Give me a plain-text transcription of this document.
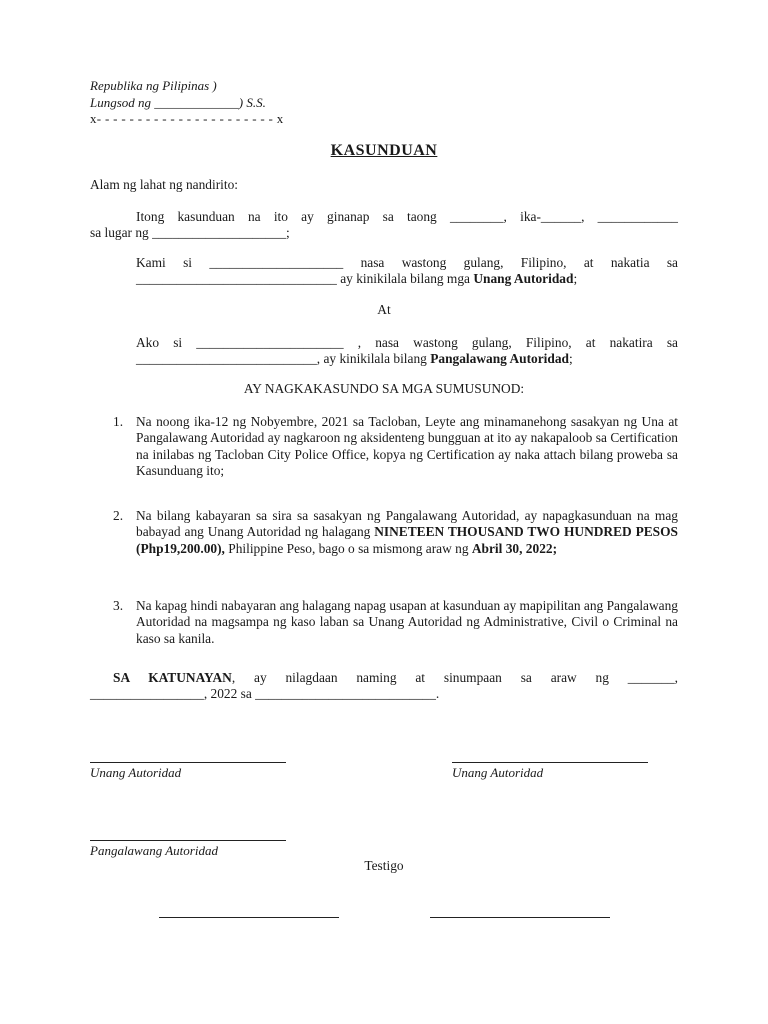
Republika ng Pilipinas )
Lungsod ng _____________) S.S.
x- - - - - - - - - - - - - - - - - - - - - - x
KASUNDUAN
Alam ng lahat ng nandirito:
Itong kasunduan na ito ay ginanap sa taong ________, ika-______, ____________
sa lugar ng ____________________;
Kami si ____________________ nasa wastong gulang, Filipino, at nakatia sa
______________________________ ay kinikilala bilang mga Unang Autoridad;
At
Ako si ______________________ , nasa wastong gulang, Filipino, at nakatira sa
___________________________, ay kinikilala bilang Pangalawang Autoridad;
AY NAGKAKASUNDO SA MGA SUMUSUNOD:
1. Na noong ika-12 ng Nobyembre, 2021 sa Tacloban, Leyte ang minamanehong sasakyan ng Una at Pangalawang Autoridad ay nagkaroon ng aksidenteng bungguan at ito ay nakapaloob sa Certification na inilabas ng Tacloban City Police Office, kopya ng Certification ay naka attach bilang proweba sa Kasunduang ito;
2. Na bilang kabayaran sa sira sa sasakyan ng Pangalawang Autoridad, ay napagkasunduan na mag babayad ang Unang Autoridad ng halagang NINETEEN THOUSAND TWO HUNDRED PESOS (Php19,200.00), Philippine Peso, bago o sa mismong araw ng Abril 30, 2022;
3. Na kapag hindi nabayaran ang halagang napag usapan at kasunduan ay mapipilitan ang Pangalawang Autoridad na magsampa ng kaso laban sa Unang Autoridad ng Administrative, Civil o Criminal na kaso sa kanila.
SA KATUNAYAN, ay nilagdaan naming at sinumpaan sa araw ng _______,
_________________, 2022 sa ___________________________.
Unang Autoridad	Unang Autoridad
Pangalawang Autoridad
Testigo
